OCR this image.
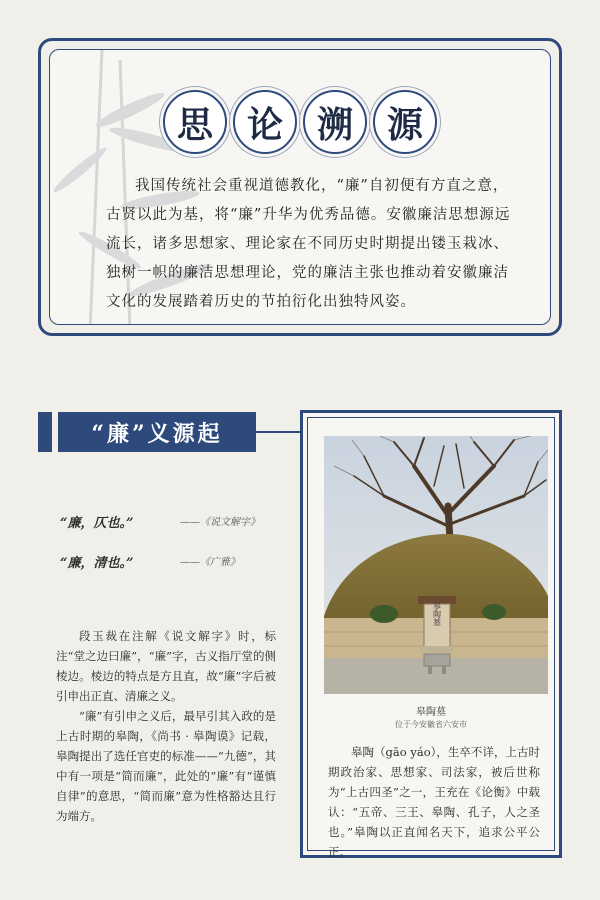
思 论 溯 源
我国传统社会重视道德教化，“廉”自初便有方直之意，古贤以此为基，将“廉”升华为优秀品德。安徽廉洁思想源远流长，诸多思想家、理论家在不同历史时期提出镂玉栽冰、独树一帜的廉洁思想理论，党的廉洁主张也推动着安徽廉洁文化的发展踏着历史的节拍衍化出独特风姿。
“廉”义源起
“廉，仄也。”	——《说文解字》
“廉，清也。”	——《广雅》

段玉裁在注解《说文解字》时，标注“堂之边曰廉”，“廉”字，古义指厅堂的侧棱边。棱边的特点是方且直，故“廉”字后被引申出正直、清廉之义。

“廉”有引申之义后，最早引其入政的是上古时期的皋陶，《尚书 · 皋陶谟》记载，皋陶提出了选任官吏的标准——“九德”，其中有一项是“简而廉”，此处的“廉”有“谨慎自律”的意思，“简而廉”意为性格豁达且行为端方。

皋陶墓
皋陶墓
位于今安徽省六安市
皋陶（gāo yáo），生卒不详，上古时期政治家、思想家、司法家，被后世称为“上古四圣”之一，王充在《论衡》中载认：“五帝、三王、皋陶、孔子，人之圣也。”皋陶以正直闻名天下，追求公平公正。
